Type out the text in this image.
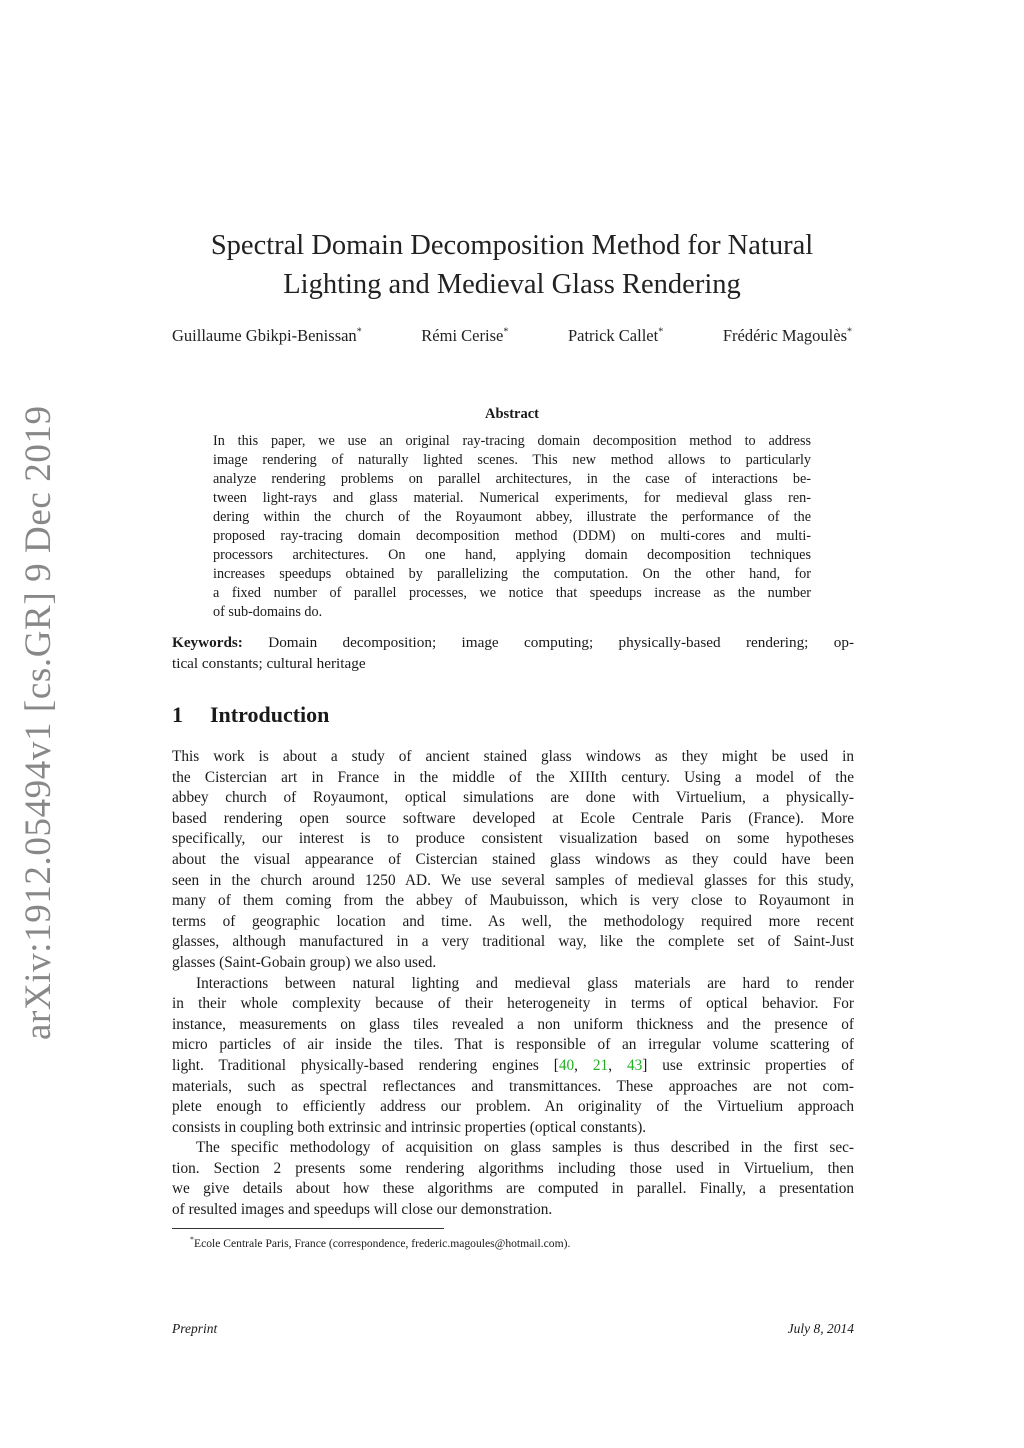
arXiv:1912.05494v1 [cs.GR] 9 Dec 2019
Spectral Domain Decomposition Method for Natural
Lighting and Medieval Glass Rendering
Guillaume Gbikpi-Benissan*	Rémi Cerise*	Patrick Callet*	Frédéric Magoulès*
Abstract
In this paper, we use an original ray-tracing domain decomposition method to address
image rendering of naturally lighted scenes. This new method allows to particularly
analyze rendering problems on parallel architectures, in the case of interactions be-
tween light-rays and glass material. Numerical experiments, for medieval glass ren-
dering within the church of the Royaumont abbey, illustrate the performance of the
proposed ray-tracing domain decomposition method (DDM) on multi-cores and multi-
processors architectures. On one hand, applying domain decomposition techniques
increases speedups obtained by parallelizing the computation. On the other hand, for
a fixed number of parallel processes, we notice that speedups increase as the number
of sub-domains do.
Keywords: Domain decomposition; image computing; physically-based rendering; op-
tical constants; cultural heritage
1 Introduction
This work is about a study of ancient stained glass windows as they might be used in
the Cistercian art in France in the middle of the XIIIth century. Using a model of the
abbey church of Royaumont, optical simulations are done with Virtuelium, a physically-
based rendering open source software developed at Ecole Centrale Paris (France). More
specifically, our interest is to produce consistent visualization based on some hypotheses
about the visual appearance of Cistercian stained glass windows as they could have been
seen in the church around 1250 AD. We use several samples of medieval glasses for this study,
many of them coming from the abbey of Maubuisson, which is very close to Royaumont in
terms of geographic location and time. As well, the methodology required more recent
glasses, although manufactured in a very traditional way, like the complete set of Saint-Just
glasses (Saint-Gobain group) we also used.
Interactions between natural lighting and medieval glass materials are hard to render
in their whole complexity because of their heterogeneity in terms of optical behavior. For
instance, measurements on glass tiles revealed a non uniform thickness and the presence of
micro particles of air inside the tiles. That is responsible of an irregular volume scattering of
light. Traditional physically-based rendering engines [40, 21, 43] use extrinsic properties of
materials, such as spectral reflectances and transmittances. These approaches are not com-
plete enough to efficiently address our problem. An originality of the Virtuelium approach
consists in coupling both extrinsic and intrinsic properties (optical constants).
The specific methodology of acquisition on glass samples is thus described in the first sec-
tion. Section 2 presents some rendering algorithms including those used in Virtuelium, then
we give details about how these algorithms are computed in parallel. Finally, a presentation
of resulted images and speedups will close our demonstration.
*Ecole Centrale Paris, France (correspondence, frederic.magoules@hotmail.com).
Preprint	July 8, 2014
